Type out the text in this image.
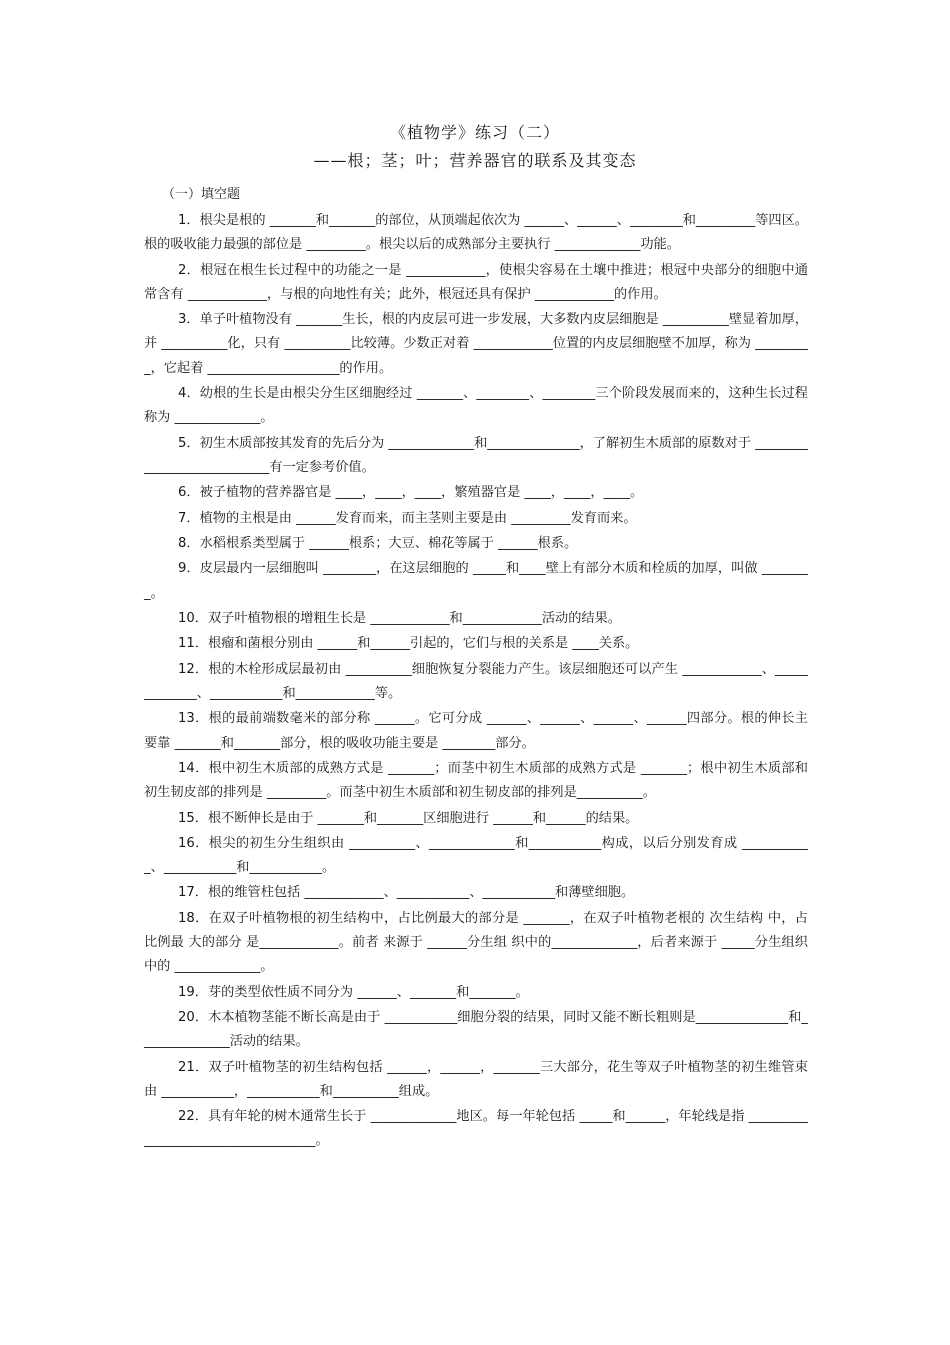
《植物学》练习（二）
——根；茎；叶；营养器官的联系及其变态
（一）填空题

1．根尖是根的 _______和_______的部位，从顶端起依次为 ______、______、________和_________等四区。根的吸收能力最强的部位是 _________。根尖以后的成熟部分主要执行 _____________功能。

2．根冠在根生长过程中的功能之一是 ____________，使根尖容易在土壤中推进；根冠中央部分的细胞中通常含有 ____________，与根的向地性有关；此外，根冠还具有保护 ____________的作用。

3．单子叶植物没有 _______生长，根的内皮层可进一步发展，大多数内皮层细胞是 __________壁显着加厚，并 __________化，只有 __________比较薄。少数正对着 ____________位置的内皮层细胞壁不加厚，称为 _________，它起着 ____________________的作用。

4．幼根的生长是由根尖分生区细胞经过 _______、________、________三个阶段发展而来的，这种生长过程称为 _____________。

5．初生木质部按其发育的先后分为 _____________和______________，了解初生木质部的原数对于 ___________________________有一定参考价值。

6．被子植物的营养器官是 ____，____，____，繁殖器官是 ____，____，____。

7．植物的主根是由 ______发育而来，而主茎则主要是由 _________发育而来。

8．水稻根系类型属于 ______根系；大豆、棉花等属于 ______根系。

9．皮层最内一层细胞叫 ________，在这层细胞的 _____和____壁上有部分木质和栓质的加厚，叫做 ________。

10．双子叶植物根的增粗生长是 ____________和____________活动的结果。

11．根瘤和菌根分别由 ______和______引起的，它们与根的关系是 ____关系。

12．根的木栓形成层最初由 __________细胞恢复分裂能力产生。该层细胞还可以产生 ____________、_____________、___________和____________等。

13．根的最前端数毫米的部分称 ______。它可分成 ______、______、______、______四部分。根的伸长主要靠 _______和_______部分，根的吸收功能主要是 ________部分。

14．根中初生木质部的成熟方式是 _______；而茎中初生木质部的成熟方式是 _______；根中初生木质部和初生韧皮部的排列是 _________。而茎中初生木质部和初生韧皮部的排列是__________。

15．根不断伸长是由于 _______和_______区细胞进行 ______和______的结果。

16．根尖的初生分生组织由 __________、_____________和___________构成，以后分别发育成 ___________、___________和___________。

17．根的维管柱包括 ____________、___________、___________和薄壁细胞。

18．在双子叶植物根的初生结构中，占比例最大的部分是 _______，在双子叶植物老根的 次生结构 中，占 比例最 大的部分 是____________。前者 来源于 ______分生组 织中的_____________，后者来源于 _____分生组织中的 _____________。

19．芽的类型依性质不同分为 ______、_______和_______。

20．木本植物茎能不断长高是由于 ___________细胞分裂的结果，同时又能不断长粗则是______________和______________活动的结果。

21．双子叶植物茎的初生结构包括 ______，______，_______三大部分，花生等双子叶植物茎的初生维管束由 ___________，___________和__________组成。

22．具有年轮的树木通常生长于 _____________地区。每一年轮包括 _____和______，年轮线是指 ___________________________________。
